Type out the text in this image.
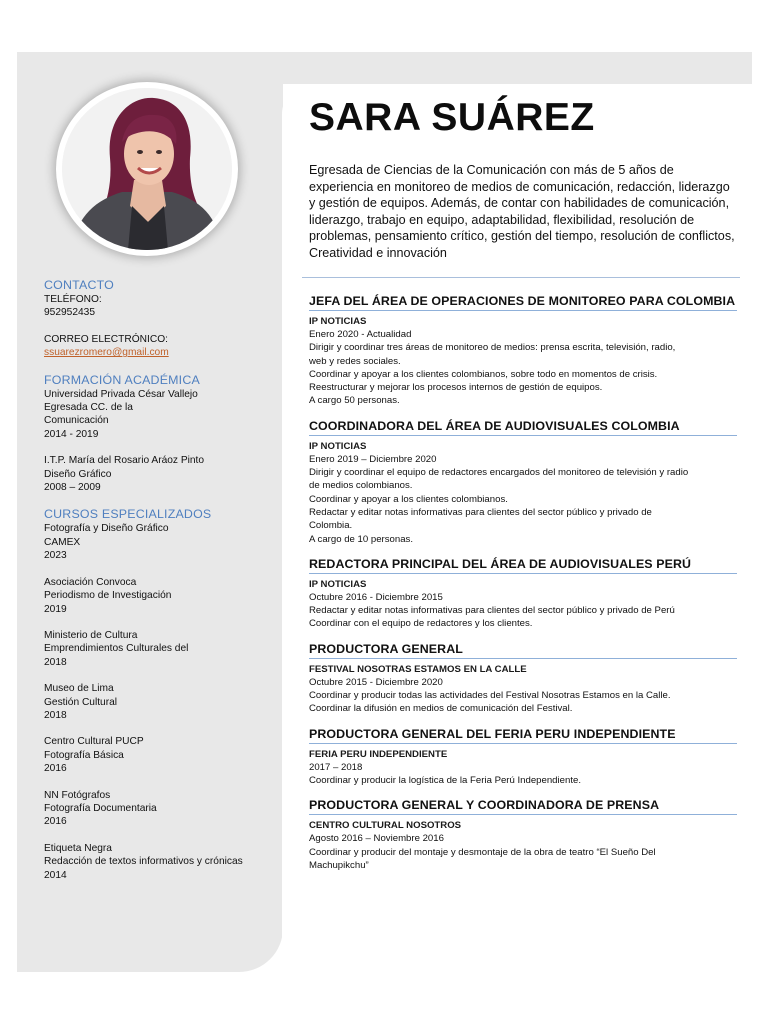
CONTACTO
TELÉFONO:
952952435
CORREO ELECTRÓNICO:
ssuarezromero@gmail.com
FORMACIÓN ACADÉMICA
Universidad Privada César Vallejo
Egresada CC. de la
Comunicación
2014 - 2019
I.T.P. María del Rosario Aráoz Pinto
Diseño Gráfico
2008 – 2009
CURSOS ESPECIALIZADOS
Fotografía y Diseño Gráfico
CAMEX
2023
Asociación Convoca
Periodismo de Investigación
2019
Ministerio de Cultura
Emprendimientos Culturales del
2018
Museo de Lima
Gestión Cultural
2018
Centro Cultural PUCP
Fotografía Básica
2016
NN Fotógrafos
Fotografía Documentaria
2016
Etiqueta Negra
Redacción de textos informativos y crónicas
2014
SARA SUÁREZ
Egresada de Ciencias de la Comunicación con más de 5 años de experiencia en monitoreo de medios de comunicación, redacción, liderazgo y gestión de equipos. Además, de contar con habilidades de comunicación, liderazgo, trabajo en equipo, adaptabilidad, flexibilidad, resolución de problemas, pensamiento crítico, gestión del tiempo, resolución de conflictos, Creatividad e innovación
JEFA DEL ÁREA DE OPERACIONES DE MONITOREO PARA COLOMBIA
IP NOTICIAS
Enero 2020 - Actualidad
Dirigir y coordinar tres áreas de monitoreo de medios: prensa escrita, televisión, radio,
web y redes sociales.
Coordinar y apoyar a los clientes colombianos, sobre todo en momentos de crisis.
Reestructurar y mejorar los procesos internos de gestión de equipos.
A cargo 50 personas.
COORDINADORA DEL ÁREA DE AUDIOVISUALES COLOMBIA
IP NOTICIAS
Enero 2019 – Diciembre 2020
Dirigir y coordinar el equipo de redactores encargados del monitoreo de televisión y radio
de medios colombianos.
Coordinar y apoyar a los clientes colombianos.
Redactar y editar notas informativas para clientes del sector público y privado de
Colombia.
A cargo de 10 personas.
REDACTORA PRINCIPAL DEL ÁREA DE AUDIOVISUALES PERÚ
IP NOTICIAS
Octubre 2016 - Diciembre 2015
Redactar y editar notas informativas para clientes del sector público y privado de Perú
Coordinar con el equipo de redactores y los clientes.
PRODUCTORA GENERAL
FESTIVAL NOSOTRAS ESTAMOS EN LA CALLE
Octubre 2015 - Diciembre 2020
Coordinar y producir todas las actividades del Festival Nosotras Estamos en la Calle.
Coordinar la difusión en medios de comunicación del Festival.
PRODUCTORA GENERAL DEL FERIA PERU INDEPENDIENTE
FERIA PERU INDEPENDIENTE
2017 – 2018
Coordinar y producir la logística de la Feria Perú Independiente.
PRODUCTORA GENERAL Y COORDINADORA DE PRENSA
CENTRO CULTURAL NOSOTROS
Agosto 2016 – Noviembre 2016
Coordinar y producir del montaje y desmontaje de la obra de teatro “El Sueño Del
Machupikchu”
